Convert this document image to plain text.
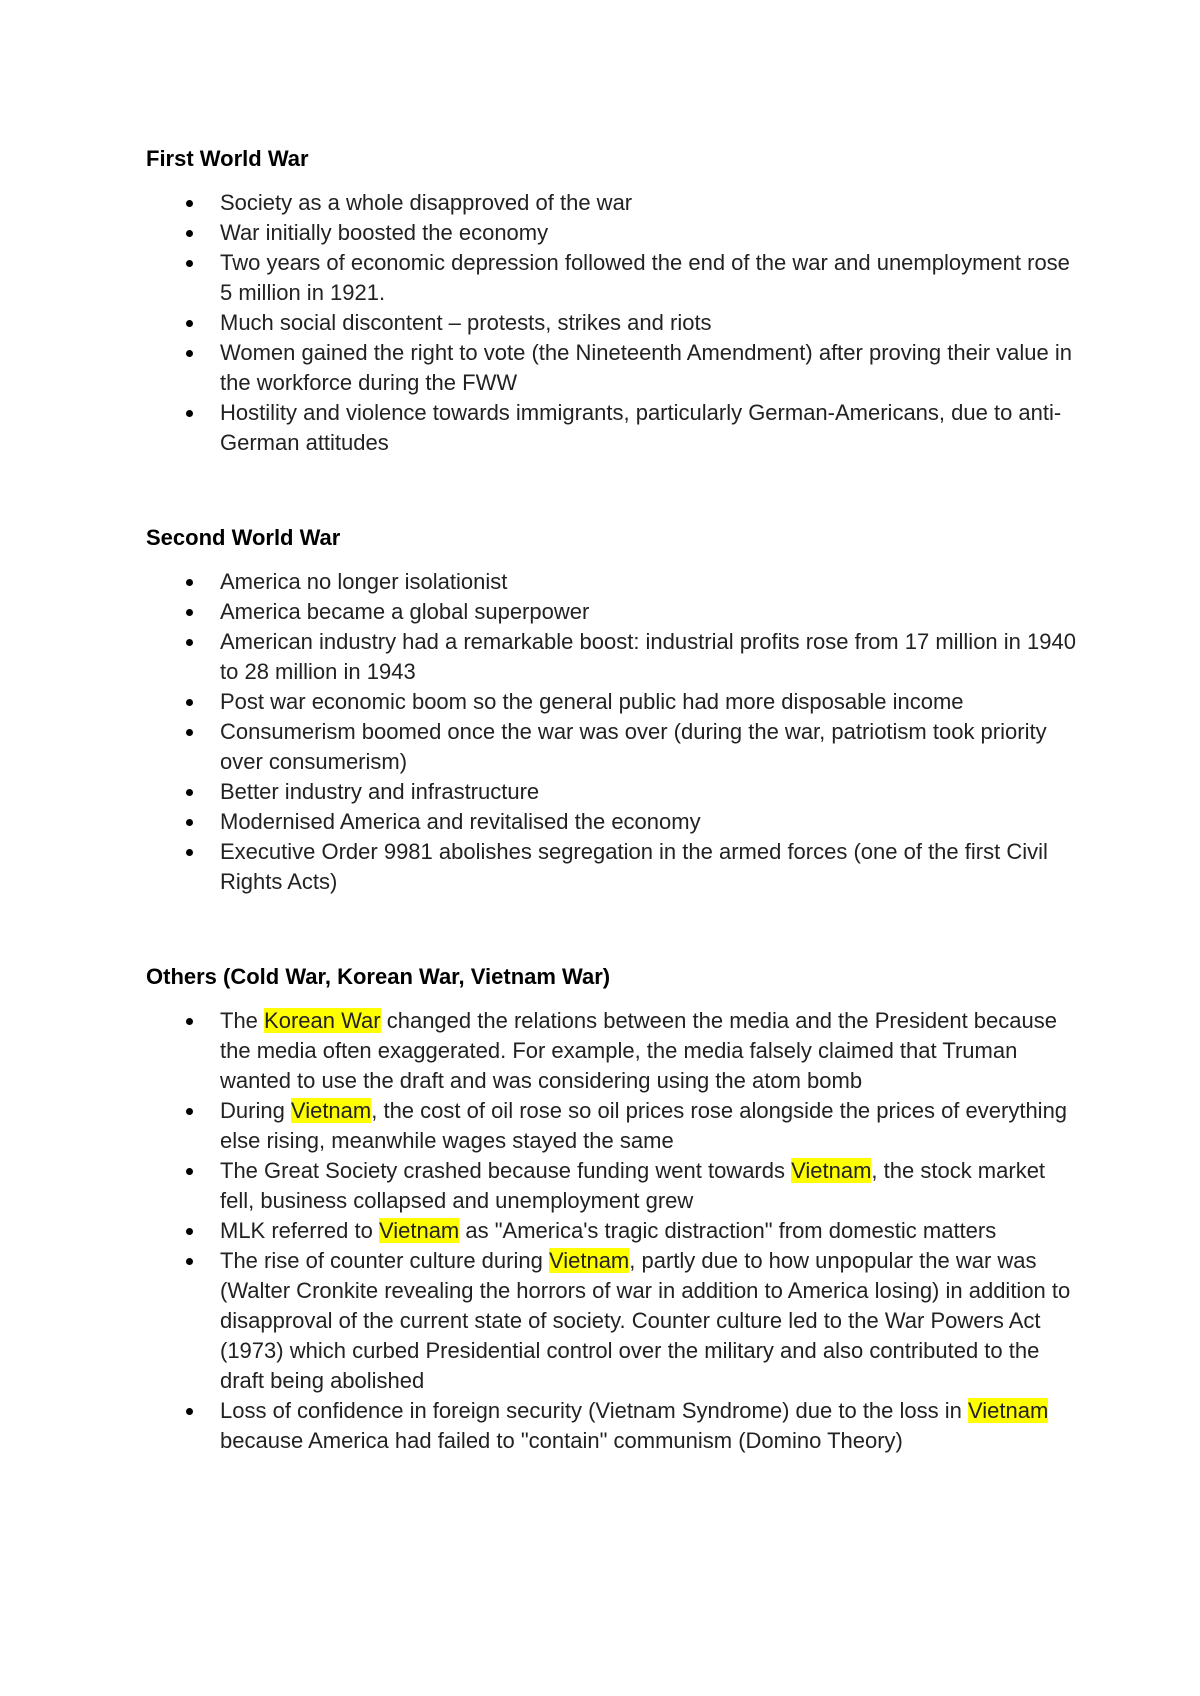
First World War
Society as a whole disapproved of the war
War initially boosted the economy
Two years of economic depression followed the end of the war and unemployment rose 5 million in 1921.
Much social discontent – protests, strikes and riots
Women gained the right to vote (the Nineteenth Amendment) after proving their value in the workforce during the FWW
Hostility and violence towards immigrants, particularly German-Americans, due to anti-German attitudes
Second World War
America no longer isolationist
America became a global superpower
American industry had a remarkable boost: industrial profits rose from 17 million in 1940 to 28 million in 1943
Post war economic boom so the general public had more disposable income
Consumerism boomed once the war was over (during the war, patriotism took priority over consumerism)
Better industry and infrastructure
Modernised America and revitalised the economy
Executive Order 9981 abolishes segregation in the armed forces (one of the first Civil Rights Acts)
Others (Cold War, Korean War, Vietnam War)
The Korean War changed the relations between the media and the President because the media often exaggerated. For example, the media falsely claimed that Truman wanted to use the draft and was considering using the atom bomb
During Vietnam, the cost of oil rose so oil prices rose alongside the prices of everything else rising, meanwhile wages stayed the same
The Great Society crashed because funding went towards Vietnam, the stock market fell, business collapsed and unemployment grew
MLK referred to Vietnam as "America's tragic distraction" from domestic matters
The rise of counter culture during Vietnam, partly due to how unpopular the war was (Walter Cronkite revealing the horrors of war in addition to America losing) in addition to disapproval of the current state of society. Counter culture led to the War Powers Act (1973) which curbed Presidential control over the military and also contributed to the draft being abolished
Loss of confidence in foreign security (Vietnam Syndrome) due to the loss in Vietnam because America had failed to "contain" communism (Domino Theory)
